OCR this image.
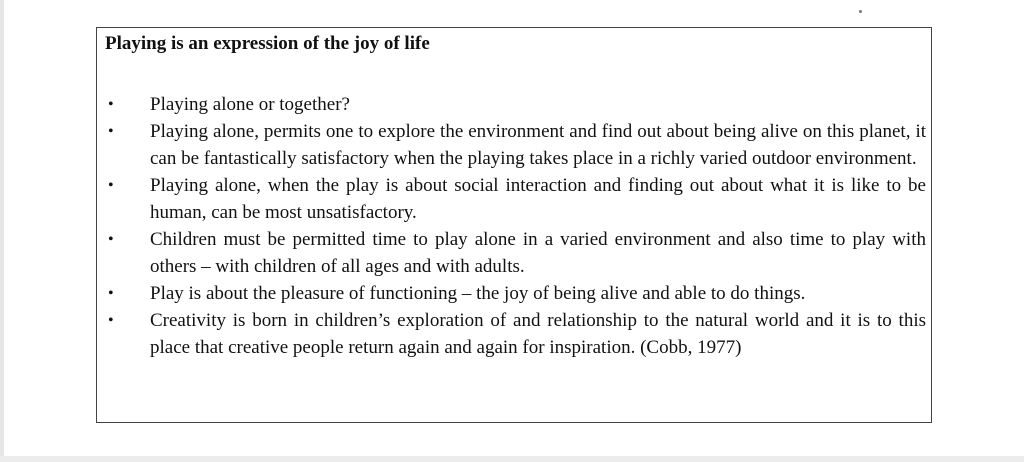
Playing is an expression of the joy of life
• Playing alone or together?
• Playing alone, permits one to explore the environment and find out about being alive on this planet, it can be fantastically satisfactory when the playing takes place in a richly varied outdoor environment.
• Playing alone, when the play is about social interaction and finding out about what it is like to be human, can be most unsatisfactory.
• Children must be permitted time to play alone in a varied environment and also time to play with others – with children of all ages and with adults.
• Play is about the pleasure of functioning – the joy of being alive and able to do things.
• Creativity is born in children’s exploration of and relationship to the natural world and it is to this place that creative people return again and again for inspiration. (Cobb, 1977)
